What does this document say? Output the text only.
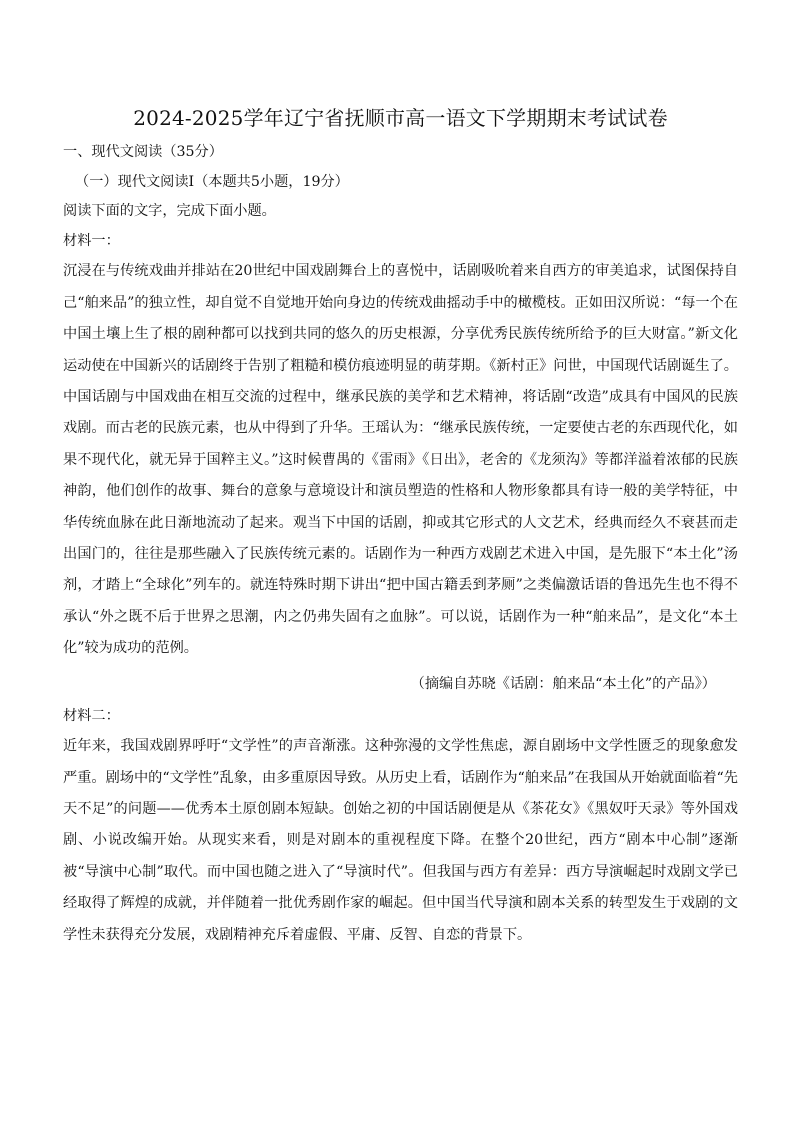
2024-2025学年辽宁省抚顺市高一语文下学期期末考试试卷

一、现代文阅读（35分）

（一）现代文阅读Ⅰ（本题共5小题，19分）

阅读下面的文字，完成下面小题。

材料一：

沉浸在与传统戏曲并排站在20世纪中国戏剧舞台上的喜悦中，话剧吸吮着来自西方的审美追求，试图保持自己“舶来品”的独立性，却自觉不自觉地开始向身边的传统戏曲摇动手中的橄榄枝。正如田汉所说：“每一个在中国土壤上生了根的剧种都可以找到共同的悠久的历史根源，分享优秀民族传统所给予的巨大财富。”新文化运动使在中国新兴的话剧终于告别了粗糙和模仿痕迹明显的萌芽期。《新村正》问世，中国现代话剧诞生了。中国话剧与中国戏曲在相互交流的过程中，继承民族的美学和艺术精神，将话剧“改造”成具有中国风的民族戏剧。而古老的民族元素，也从中得到了升华。王瑶认为：“继承民族传统，一定要使古老的东西现代化，如果不现代化，就无异于国粹主义。”这时候曹禺的《雷雨》《日出》，老舍的《龙须沟》等都洋溢着浓郁的民族神韵，他们创作的故事、舞台的意象与意境设计和演员塑造的性格和人物形象都具有诗一般的美学特征，中华传统血脉在此日渐地流动了起来。观当下中国的话剧，抑或其它形式的人文艺术，经典而经久不衰甚而走出国门的，往往是那些融入了民族传统元素的。话剧作为一种西方戏剧艺术进入中国，是先服下“本土化”汤剂，才踏上“全球化”列车的。就连特殊时期下讲出“把中国古籍丢到茅厕”之类偏激话语的鲁迅先生也不得不承认“外之既不后于世界之思潮，内之仍弗失固有之血脉”。可以说，话剧作为一种“舶来品”，是文化“本土化”较为成功的范例。

（摘编自苏晓《话剧：舶来品“本土化”的产品》）

材料二：

近年来，我国戏剧界呼吁“文学性”的声音渐涨。这种弥漫的文学性焦虑，源自剧场中文学性匮乏的现象愈发严重。剧场中的“文学性”乱象，由多重原因导致。从历史上看，话剧作为“舶来品”在我国从开始就面临着“先天不足”的问题——优秀本土原创剧本短缺。创始之初的中国话剧便是从《茶花女》《黑奴吁天录》等外国戏剧、小说改编开始。从现实来看，则是对剧本的重视程度下降。在整个20世纪，西方“剧本中心制”逐渐被“导演中心制”取代。而中国也随之进入了“导演时代”。但我国与西方有差异：西方导演崛起时戏剧文学已经取得了辉煌的成就，并伴随着一批优秀剧作家的崛起。但中国当代导演和剧本关系的转型发生于戏剧的文学性未获得充分发展，戏剧精神充斥着虚假、平庸、反智、自恋的背景下。
